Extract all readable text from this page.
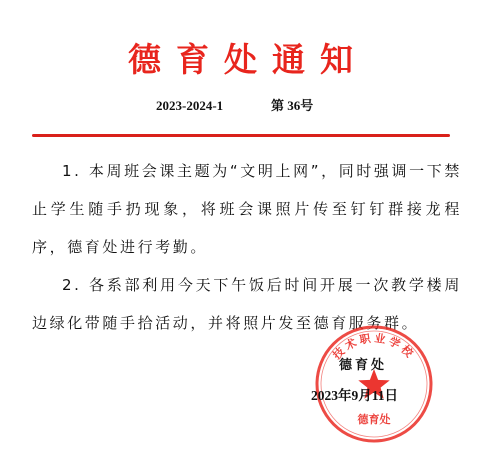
德育处通知
2023-2024-1	第 36号

1. 本周班会课主题为“文明上网”，同时强调一下禁止学生随手扔现象，将班会课照片传至钉钉群接龙程序，德育处进行考勤。

2. 各系部利用今天下午饭后时间开展一次教学楼周边绿化带随手拾活动，并将照片发至德育服务群。

技术职业学校
德育处
德育处
2023年9月11日
